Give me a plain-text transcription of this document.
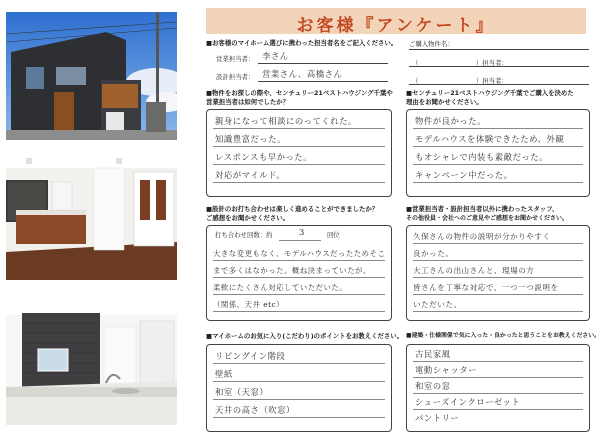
お客様『アンケート』
■お客様のマイホーム選びに携わった担当者名をご記入ください。
営業担当者： 李さん
設計担当者： 営業さん、高橋さん
ご購入物件名：
（　　　　　　　　　）担当者：
（　　　　　　　　　）担当者：
■物件をお探しの際や、センチュリー21ベストハウジング千葉や
営業担当者は如何でしたか？
親身になって相談にのってくれた。
知識豊富だった。
レスポンスも早かった。
対応がマイルド。
■センチュリー21ベストハウジング千葉でご購入を決めた
理由をお聞かせください。
物件が良かった。
モデルハウスを体験できたため、外観
もオシャレで内装も素敵だった。
キャンペーン中だった。
■設計のお打ち合わせは楽しく進めることができましたか？
ご感想をお聞かせください。
打ち合わせ回数：約	3	回位
大きな変更もなく、モデルハウスだったためそこ
まで多くはなかった。概ね決まっていたが、
柔軟にたくさん対応していただいた。
（関係、天井 etc）
■営業担当者・設計担当者以外に携わったスタッフ、
その他役員・会社へのご意見やご感想をお聞かせください。
久保さんの物件の説明が分かりやすく
良かった。
大工さんの出山さんと、現場の方
皆さんを丁寧な対応で、一つ一つ説明を
いただいた。
■マイホームのお気に入り(こだわり)のポイントをお教えください。
リビングイン階段
壁紙
和室（天窓）
天井の高さ（吹窓）
■建築・仕様関係で気に入った・良かったと思うことをお教えください。
古民家風
電動シャッター
和室の窓
シューズインクローゼット
パントリー
